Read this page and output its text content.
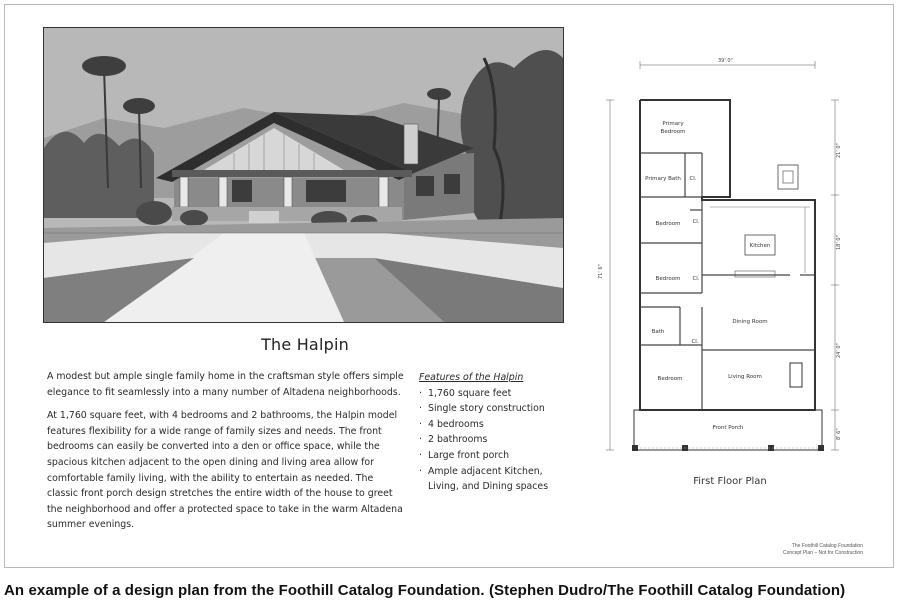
The Halpin

A modest but ample single family home in the craftsman style offers simple elegance to fit seamlessly into a many number of Altadena neighborhoods.

At 1,760 square feet, with 4 bedrooms and 2 bathrooms, the Halpin model features flexibility for a wide range of family sizes and needs. The front bedrooms can easily be converted into a den or office space, while the spacious kitchen adjacent to the open dining and living area allow for comfortable family living, with the ability to entertain as needed. The classic front porch design stretches the entire width of the house to greet the neighborhood and offer a protected space to take in the warm Altadena summer evenings.

Features of the Halpin
· 1,760 square feet
· Single story construction
· 4 bedrooms
· 2 bathrooms
· Large front porch
· Ample adjacent Kitchen, Living, and Dining spaces
39' 0"
71' 6"
21' 0"
18' 0"
24' 0"
8' 6"
Primary
Bedroom
Primary Bath Cl.
Bedroom Cl.
Kitchen
Bedroom Cl.
Dining Room
Bath
Cl.
Bedroom	Living Room
Front Porch
First Floor Plan
The Foothill Catalog Foundation
Concept Plan – Not for Construction
An example of a design plan from the Foothill Catalog Foundation. (Stephen Dudro/The Foothill Catalog Foundation)
